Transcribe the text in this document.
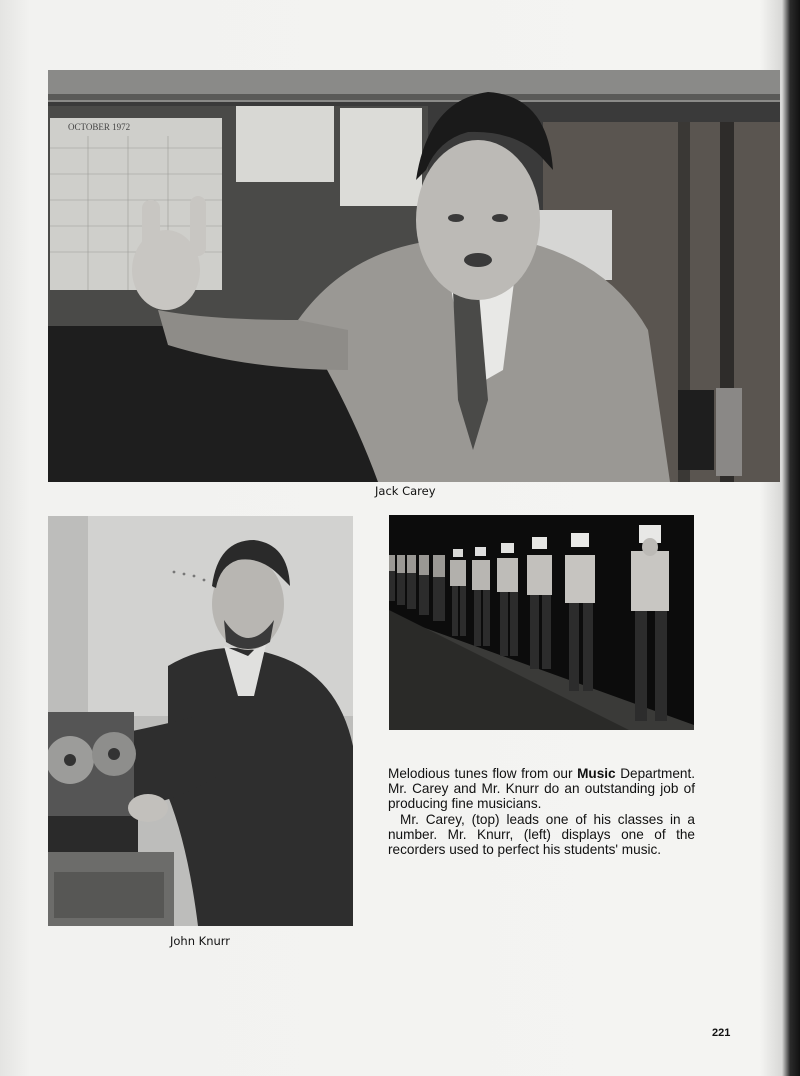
OCTOBER 1972
Jack Carey
John Knurr

Melodious tunes flow from our Music Department. Mr. Carey and Mr. Knurr do an outstanding job of producing fine musicians.

Mr. Carey, (top) leads one of his classes in a number. Mr. Knurr, (left) displays one of the recorders used to perfect his students' music.

221
